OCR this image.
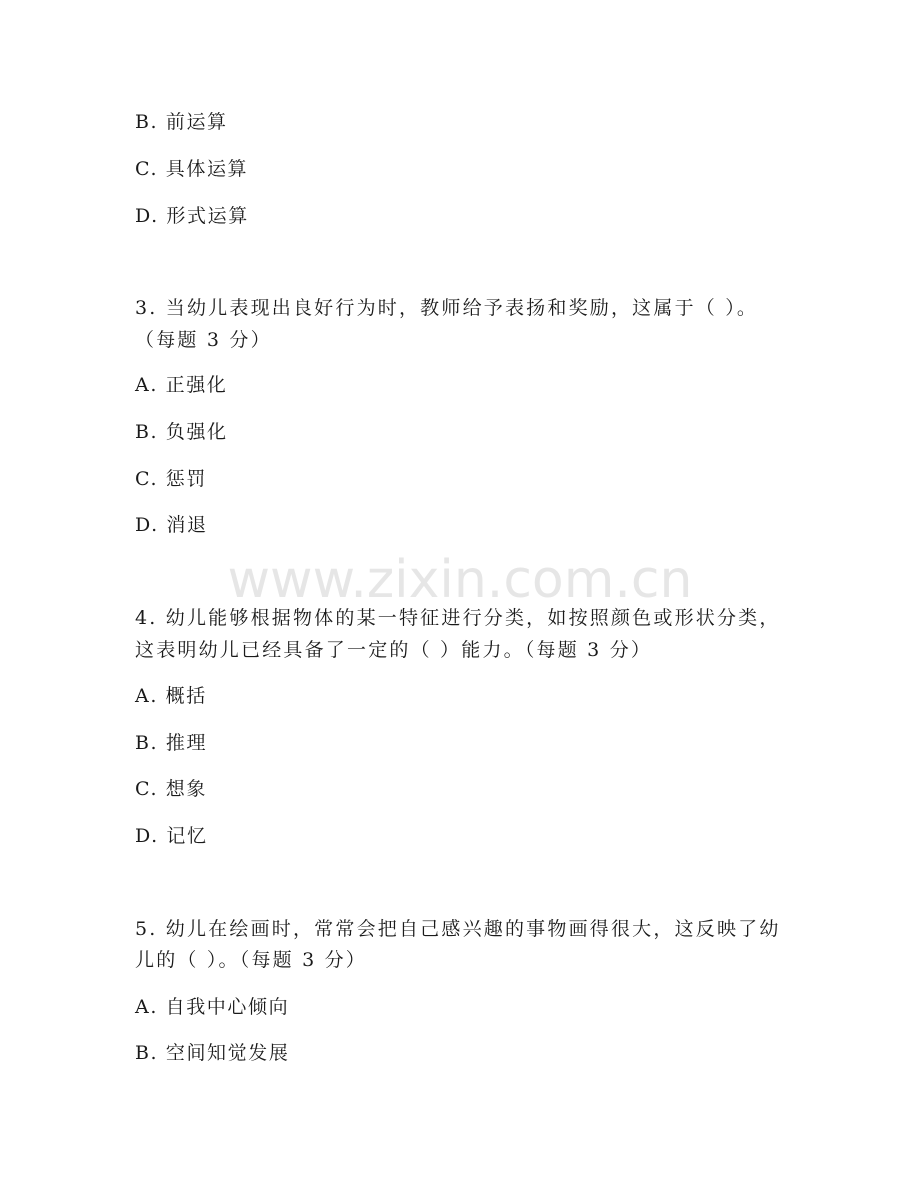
www.zixin.com.cn
B. 前运算
C. 具体运算
D. 形式运算
3. 当幼儿表现出良好行为时，教师给予表扬和奖励，这属于（ ）。
（每题 3 分）
A. 正强化
B. 负强化
C. 惩罚
D. 消退
4. 幼儿能够根据物体的某一特征进行分类，如按照颜色或形状分类，
这表明幼儿已经具备了一定的（ ）能力。（每题 3 分）
A. 概括
B. 推理
C. 想象
D. 记忆
5. 幼儿在绘画时，常常会把自己感兴趣的事物画得很大，这反映了幼
儿的（ ）。（每题 3 分）
A. 自我中心倾向
B. 空间知觉发展
